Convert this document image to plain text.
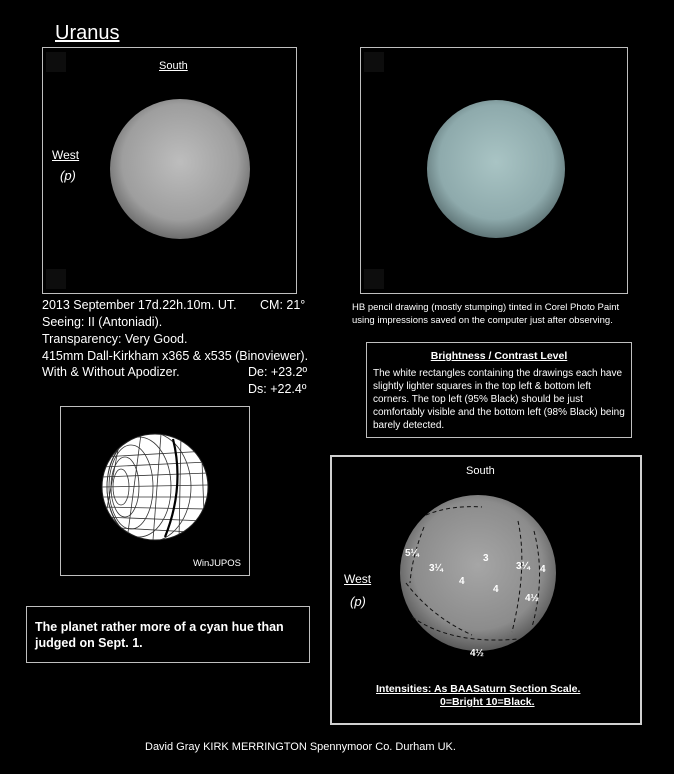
Uranus
South
West
(p)
2013 September 17d.22h.10m. UT. CM: 21°
Seeing: II (Antoniadi).
Transparency: Very Good.
415mm Dall-Kirkham x365 & x535 (Binoviewer).
With & Without Apodizer.	De: +23.2º
Ds: +22.4º
HB pencil drawing (mostly stumping) tinted in Corel Photo Paint
using impressions saved on the computer just after observing.
Brightness / Contrast Level
The white rectangles containing the drawings each have slightly lighter squares in the top left & bottom left corners. The top left (95% Black) should be just comfortably visible and the bottom left (98% Black) being barely detected.
WinJUPOS
The planet rather more of a cyan hue than judged on Sept. 1.
South
5¼
3¼
4
3
4
3¼ 4
4½
4½
Intensities: As BAASaturn Section Scale.
0=Bright 10=Black.
West
(p)
David Gray KIRK MERRINGTON Spennymoor Co. Durham UK.
